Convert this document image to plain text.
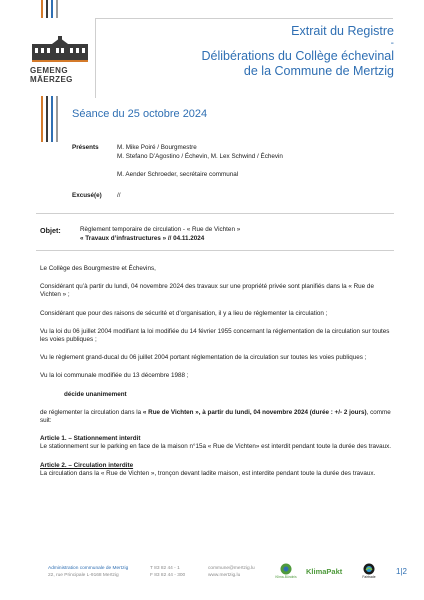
GEMENG MÄERZEG
Extrait du Registre
-
Délibérations du Collège échevinal
de la Commune de Mertzig
Séance du 25 octobre 2024
Présents	M. Mike Poiré / Bourgmestre
M. Stefano D’Agostino / Échevin, M. Lex Schwind / Échevin
M. Aender Schroeder, secrétaire communal
Excusé(e) //
Objet:	Règlement temporaire de circulation - « Rue de Vichten »
« Travaux d’infrastructures » // 04.11.2024

Le Collège des Bourgmestre et Échevins,

Considérant qu’à partir du lundi, 04 novembre 2024 des travaux sur une propriété privée sont planifiés dans la « Rue de Vichten » ;

Considérant que pour des raisons de sécurité et d’organisation, il y a lieu de réglementer la circulation ;

Vu la loi du 06 juillet 2004 modifiant la loi modifiée du 14 février 1955 concernant la réglementation de la circulation sur toutes les voies publiques ;

Vu le règlement grand-ducal du 06 juillet 2004 portant réglementation de la circulation sur toutes les voies publiques ;

Vu la loi communale modifiée du 13 décembre 1988 ;

décide unanimement

de réglementer la circulation dans la « Rue de Vichten », à partir du lundi, 04 novembre 2024 (durée : +/- 2 jours), comme suit:

Article 1. – Stationnement interdit

Le stationnement sur le parking en face de la maison n°15a « Rue de Vichten» est interdit pendant toute la durée des travaux.

Article 2. – Circulation interdite

La circulation dans la « Rue de Vichten », tronçon devant ladite maison, est interdite pendant toute la durée des travaux.

Administration communale de Mertzig
22, rue Principale L-9168 Mertzig
T 83 82 44 - 1
F 83 82 44 - 300
commune@mertzig.lu
www.mertzig.lu	Klima-Bündnis
KlimaPakt
Fairtrade
1|2
